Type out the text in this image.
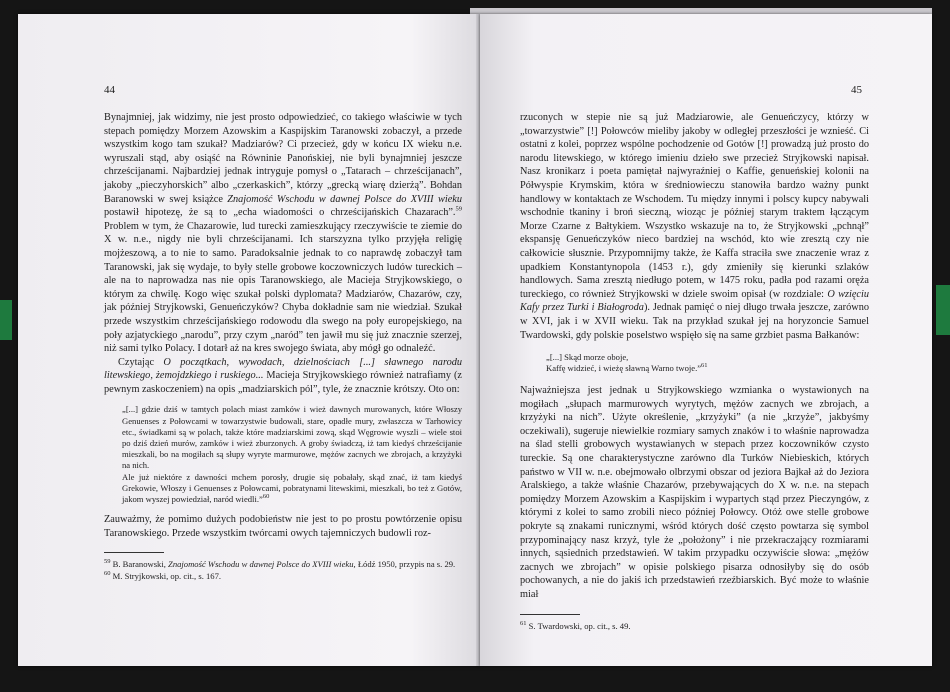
44

Bynajmniej, jak widzimy, nie jest prosto odpowiedzieć, co takiego właściwie w tych stepach pomiędzy Morzem Azowskim a Kaspijskim Taranowski zobaczył, a przede wszystkim kogo tam szukał? Madziarów? Ci przecież, gdy w końcu IX wieku n.e. wyruszali stąd, aby osiąść na Równinie Panońskiej, nie byli bynajmniej jeszcze chrześcijanami. Najbardziej jednak intryguje pomysł o „Tatarach – chrześcijanach”, jakoby „pieczyhorskich” albo „czerkaskich”, którzy „grecką wiarę dzierżą”. Bohdan Baranowski w swej książce Znajomość Wschodu w dawnej Polsce do XVIII wieku postawił hipotezę, że są to „echa wiadomości o chrześcijańskich Chazarach”.$^{59}$ Problem w tym, że Chazarowie, lud turecki zamieszkujący rzeczywiście te ziemie do X w. n.e., nigdy nie byli chrześcijanami. Ich starszyzna tylko przyjęła religię mojżeszową, a to nie to samo. Paradoksalnie jednak to co naprawdę zobaczył tam Taranowski, jak się wydaje, to były stelle grobowe koczowniczych ludów tureckich – ale na to naprowadza nas nie opis Taranowskiego, ale Macieja Stryjkowskiego, o którym za chwilę. Kogo więc szukał polski dyplomata? Madziarów, Chazarów, czy, jak później Stryjkowski, Genueńczyków? Chyba dokładnie sam nie wiedział. Szukał przede wszystkim chrześcijańskiego rodowodu dla swego na poły europejskiego, na poły azjatyckiego „narodu”, przy czym „naród” ten jawił mu się już znacznie szerzej, niż sami tylko Polacy. I dotarł aż na kres swojego świata, aby mógł go odnaleźć.

Czytając O początkach, wywodach, dzielnościach [...] sławnego narodu litewskiego, żemojdzkiego i ruskiego... Macieja Stryjkowskiego również natrafiamy (z pewnym zaskoczeniem) na opis „madziarskich pól”, tyle, że znacznie krótszy. Oto on:

„[...] gdzie dziś w tamtych polach miast zamków i wież dawnych murowanych, które Włoszy Genuenses z Połowcami w towarzystwie budowali, stare, opadłe mury, zwłaszcza w Tarhowicy etc., świadkami są w polach, także które madziarskimi zową, skąd Węgrowie wyszli – wiele stoi po dziś dzień murów, zamków i wież zburzonych. A groby świadczą, iż tam kiedyś chrześcijanie mieszkali, bo na mogiłach są słupy wyryte marmurowe, mężów zacnych we zbrojach, a krzyżyki na nich.

Ale już niektóre z dawności mchem porosły, drugie się pobałały, skąd znać, iż tam kiedyś Grekowie, Włoszy i Genuenses z Połowcami, pobratynami litewskimi, mieszkali, bo też z Gotów, jakom wyszej powiedział, naród wiedli.”$^{60}$

Zauważmy, że pomimo dużych podobieństw nie jest to po prostu powtórzenie opisu Taranowskiego. Przede wszystkim twórcami owych tajemniczych budowli roz-

$^{59}$ B. Baranowski, Znajomość Wschodu w dawnej Polsce do XVIII wieku, Łódź 1950, przypis na s. 29.
$^{60}$ M. Stryjkowski, op. cit., s. 167.
45

rzuconych w stepie nie są już Madziarowie, ale Genueńczycy, którzy w „towarzystwie” [!] Połowców mieliby jakoby w odległej przeszłości je wznieść. Ci ostatni z kolei, poprzez wspólne pochodzenie od Gotów [!] prowadzą już prosto do narodu litewskiego, w którego imieniu dzieło swe przecież Stryjkowski napisał. Nasz kronikarz i poeta pamiętał najwyraźniej o Kaffie, genueńskiej kolonii na Półwyspie Krymskim, która w średniowieczu stanowiła bardzo ważny punkt handlowy w kontaktach ze Wschodem. Tu między innymi i polscy kupcy nabywali wschodnie tkaniny i broń sieczną, wioząc je później starym traktem łączącym Morze Czarne z Bałtykiem. Wszystko wskazuje na to, że Stryjkowski „pchnął” ekspansję Genueńczyków nieco bardziej na wschód, kto wie zresztą czy nie całkowicie słusznie. Przypomnijmy także, że Kaffa straciła swe znaczenie wraz z upadkiem Konstantynopola (1453 r.), gdy zmieniły się kierunki szlaków handlowych. Sama zresztą niedługo potem, w 1475 roku, padła pod razami oręża tureckiego, co również Stryjkowski w dziele swoim opisał (w rozdziale: O wzięciu Kafy przez Turki i Białogroda). Jednak pamięć o niej długo trwała jeszcze, zarówno w XVI, jak i w XVII wieku. Tak na przykład szukał jej na horyzoncie Samuel Twardowski, gdy polskie poselstwo wspięło się na same grzbiet pasma Bałkanów:

„[...] Skąd morze oboje,
Kaffę widzieć, i wieżę sławną Warno twoje.”$^{61}$

Najważniejsza jest jednak u Stryjkowskiego wzmianka o wystawionych na mogiłach „słupach marmurowych wyrytych, mężów zacnych we zbrojach, a krzyżyki na nich”. Użyte określenie, „krzyżyki” (a nie „krzyże”, jakbyśmy oczekiwali), sugeruje niewielkie rozmiary samych znaków i to właśnie naprowadza na ślad stelli grobowych wystawianych w stepach przez koczowników czysto tureckie. Są one charakterystyczne zarówno dla Turków Niebieskich, których państwo w VII w. n.e. obejmowało olbrzymi obszar od jeziora Bajkał aż do Jeziora Aralskiego, a także właśnie Chazarów, przebywających do X w. n.e. na stepach pomiędzy Morzem Azowskim a Kaspijskim i wypartych stąd przez Pieczyngów, z którymi z kolei to samo zrobili nieco później Połowcy. Otóż owe stelle grobowe pokryte są znakami runicznymi, wśród których dość często powtarza się symbol przypominający nasz krzyż, tyle że „położony” i nie przekraczający rozmiarami innych, sąsiednich przedstawień. W takim przypadku oczywiście słowa: „mężów zacnych we zbrojach” w opisie polskiego pisarza odnosiłyby się do osób pochowanych, a nie do jakiś ich przedstawień rzeźbiarskich. Być może to właśnie miał

$^{61}$ S. Twardowski, op. cit., s. 49.
